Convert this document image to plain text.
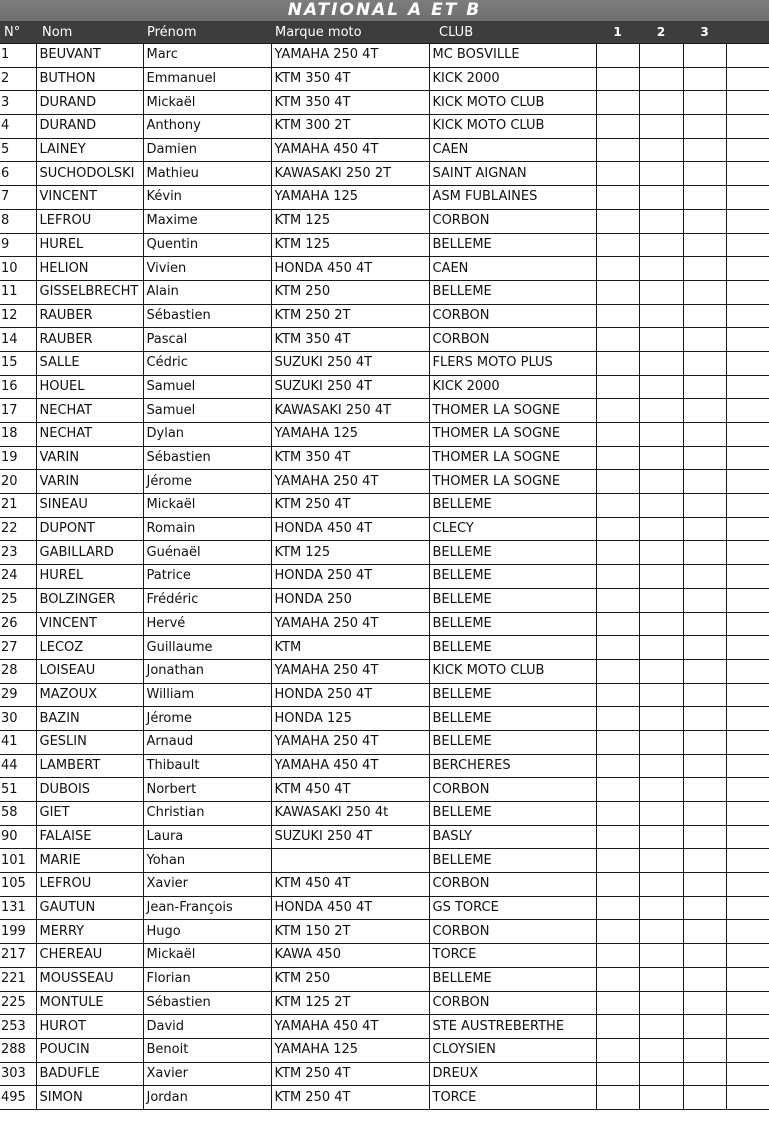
NATIONAL A ET B
N°	Nom	Prénom	Marque moto	CLUB	1	2	3	
1	BEUVANT	Marc	YAMAHA 250 4T	MC BOSVILLE				
2	BUTHON	Emmanuel	KTM 350 4T	KICK 2000				
3	DURAND	Mickaël	KTM 350 4T	KICK MOTO CLUB				
4	DURAND	Anthony	KTM 300 2T	KICK MOTO CLUB				
5	LAINEY	Damien	YAMAHA 450 4T	CAEN				
6	SUCHODOLSKI	Mathieu	KAWASAKI 250 2T	SAINT AIGNAN				
7	VINCENT	Kévin	YAMAHA 125	ASM FUBLAINES				
8	LEFROU	Maxime	KTM 125	CORBON				
9	HUREL	Quentin	KTM 125	BELLEME				
10	HELION	Vivien	HONDA 450 4T	CAEN				
11	GISSELBRECHT	Alain	KTM 250	BELLEME				
12	RAUBER	Sébastien	KTM 250 2T	CORBON				
14	RAUBER	Pascal	KTM 350 4T	CORBON				
15	SALLE	Cédric	SUZUKI 250 4T	FLERS MOTO PLUS				
16	HOUEL	Samuel	SUZUKI 250 4T	KICK 2000				
17	NECHAT	Samuel	KAWASAKI 250 4T	THOMER LA SOGNE				
18	NECHAT	Dylan	YAMAHA 125	THOMER LA SOGNE				
19	VARIN	Sébastien	KTM 350 4T	THOMER LA SOGNE				
20	VARIN	Jérome	YAMAHA 250 4T	THOMER LA SOGNE				
21	SINEAU	Mickaël	KTM 250 4T	BELLEME				
22	DUPONT	Romain	HONDA 450 4T	CLECY				
23	GABILLARD	Guénaël	KTM 125	BELLEME				
24	HUREL	Patrice	HONDA 250 4T	BELLEME				
25	BOLZINGER	Frédéric	HONDA 250	BELLEME				
26	VINCENT	Hervé	YAMAHA 250 4T	BELLEME				
27	LECOZ	Guillaume	KTM	BELLEME				
28	LOISEAU	Jonathan	YAMAHA 250 4T	KICK MOTO CLUB				
29	MAZOUX	William	HONDA 250 4T	BELLEME				
30	BAZIN	Jérome	HONDA 125	BELLEME				
41	GESLIN	Arnaud	YAMAHA 250 4T	BELLEME				
44	LAMBERT	Thibault	YAMAHA 450 4T	BERCHERES				
51	DUBOIS	Norbert	KTM 450 4T	CORBON				
58	GIET	Christian	KAWASAKI 250 4t	BELLEME				
90	FALAISE	Laura	SUZUKI 250 4T	BASLY				
101	MARIE	Yohan		BELLEME				
105	LEFROU	Xavier	KTM 450 4T	CORBON				
131	GAUTUN	Jean-François	HONDA 450 4T	GS TORCE				
199	MERRY	Hugo	KTM 150 2T	CORBON				
217	CHEREAU	Mickaël	KAWA 450	TORCE				
221	MOUSSEAU	Florian	KTM 250	BELLEME				
225	MONTULE	Sébastien	KTM 125 2T	CORBON				
253	HUROT	David	YAMAHA 450 4T	STE AUSTREBERTHE				
288	POUCIN	Benoit	YAMAHA 125	CLOYSIEN				
303	BADUFLE	Xavier	KTM 250 4T	DREUX				
495	SIMON	Jordan	KTM 250 4T	TORCE				
